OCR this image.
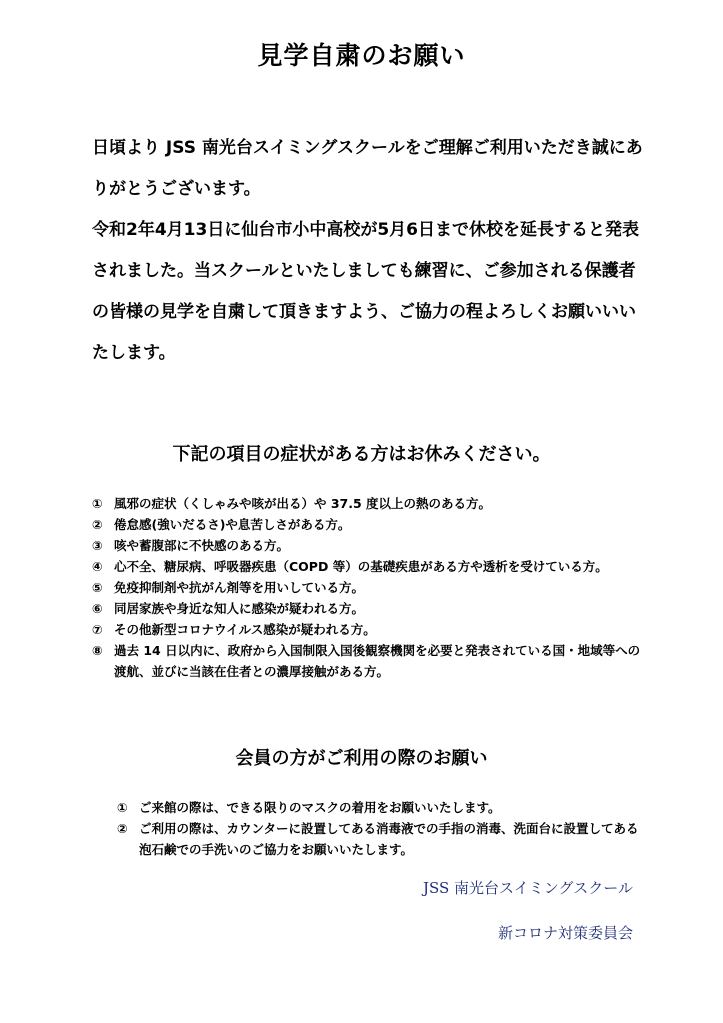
見学自粛のお願い

日頃より JSS 南光台スイミングスクールをご理解ご利用いただき誠にありがとうございます。

令和2年4月13日に仙台市小中高校が5月6日まで休校を延長すると発表されました。当スクールといたしましても練習に、ご参加される保護者の皆様の見学を自粛して頂きますよう、ご協力の程よろしくお願いいいたします。

下記の項目の症状がある方はお休みください。
① 風邪の症状（くしゃみや咳が出る）や 37.5 度以上の熱のある方。
② 倦怠感(強いだるさ)や息苦しさがある方。
③ 咳や蓄腹部に不快感のある方。
④ 心不全、糖尿病、呼吸器疾患（COPD 等）の基礎疾患がある方や透析を受けている方。
⑤ 免疫抑制剤や抗がん剤等を用いしている方。
⑥ 同居家族や身近な知人に感染が疑われる方。
⑦ その他新型コロナウイルス感染が疑われる方。
⑧ 過去 14 日以内に、政府から入国制限入国後観察機関を必要と発表されている国・地域等への渡航、並びに当該在住者との濃厚接触がある方。
会員の方がご利用の際のお願い
① ご来館の際は、できる限りのマスクの着用をお願いいたします。
② ご利用の際は、カウンターに設置してある消毒液での手指の消毒、洗面台に設置してある泡石鹸での手洗いのご協力をお願いいたします。
JSS 南光台スイミングスクール
新コロナ対策委員会
